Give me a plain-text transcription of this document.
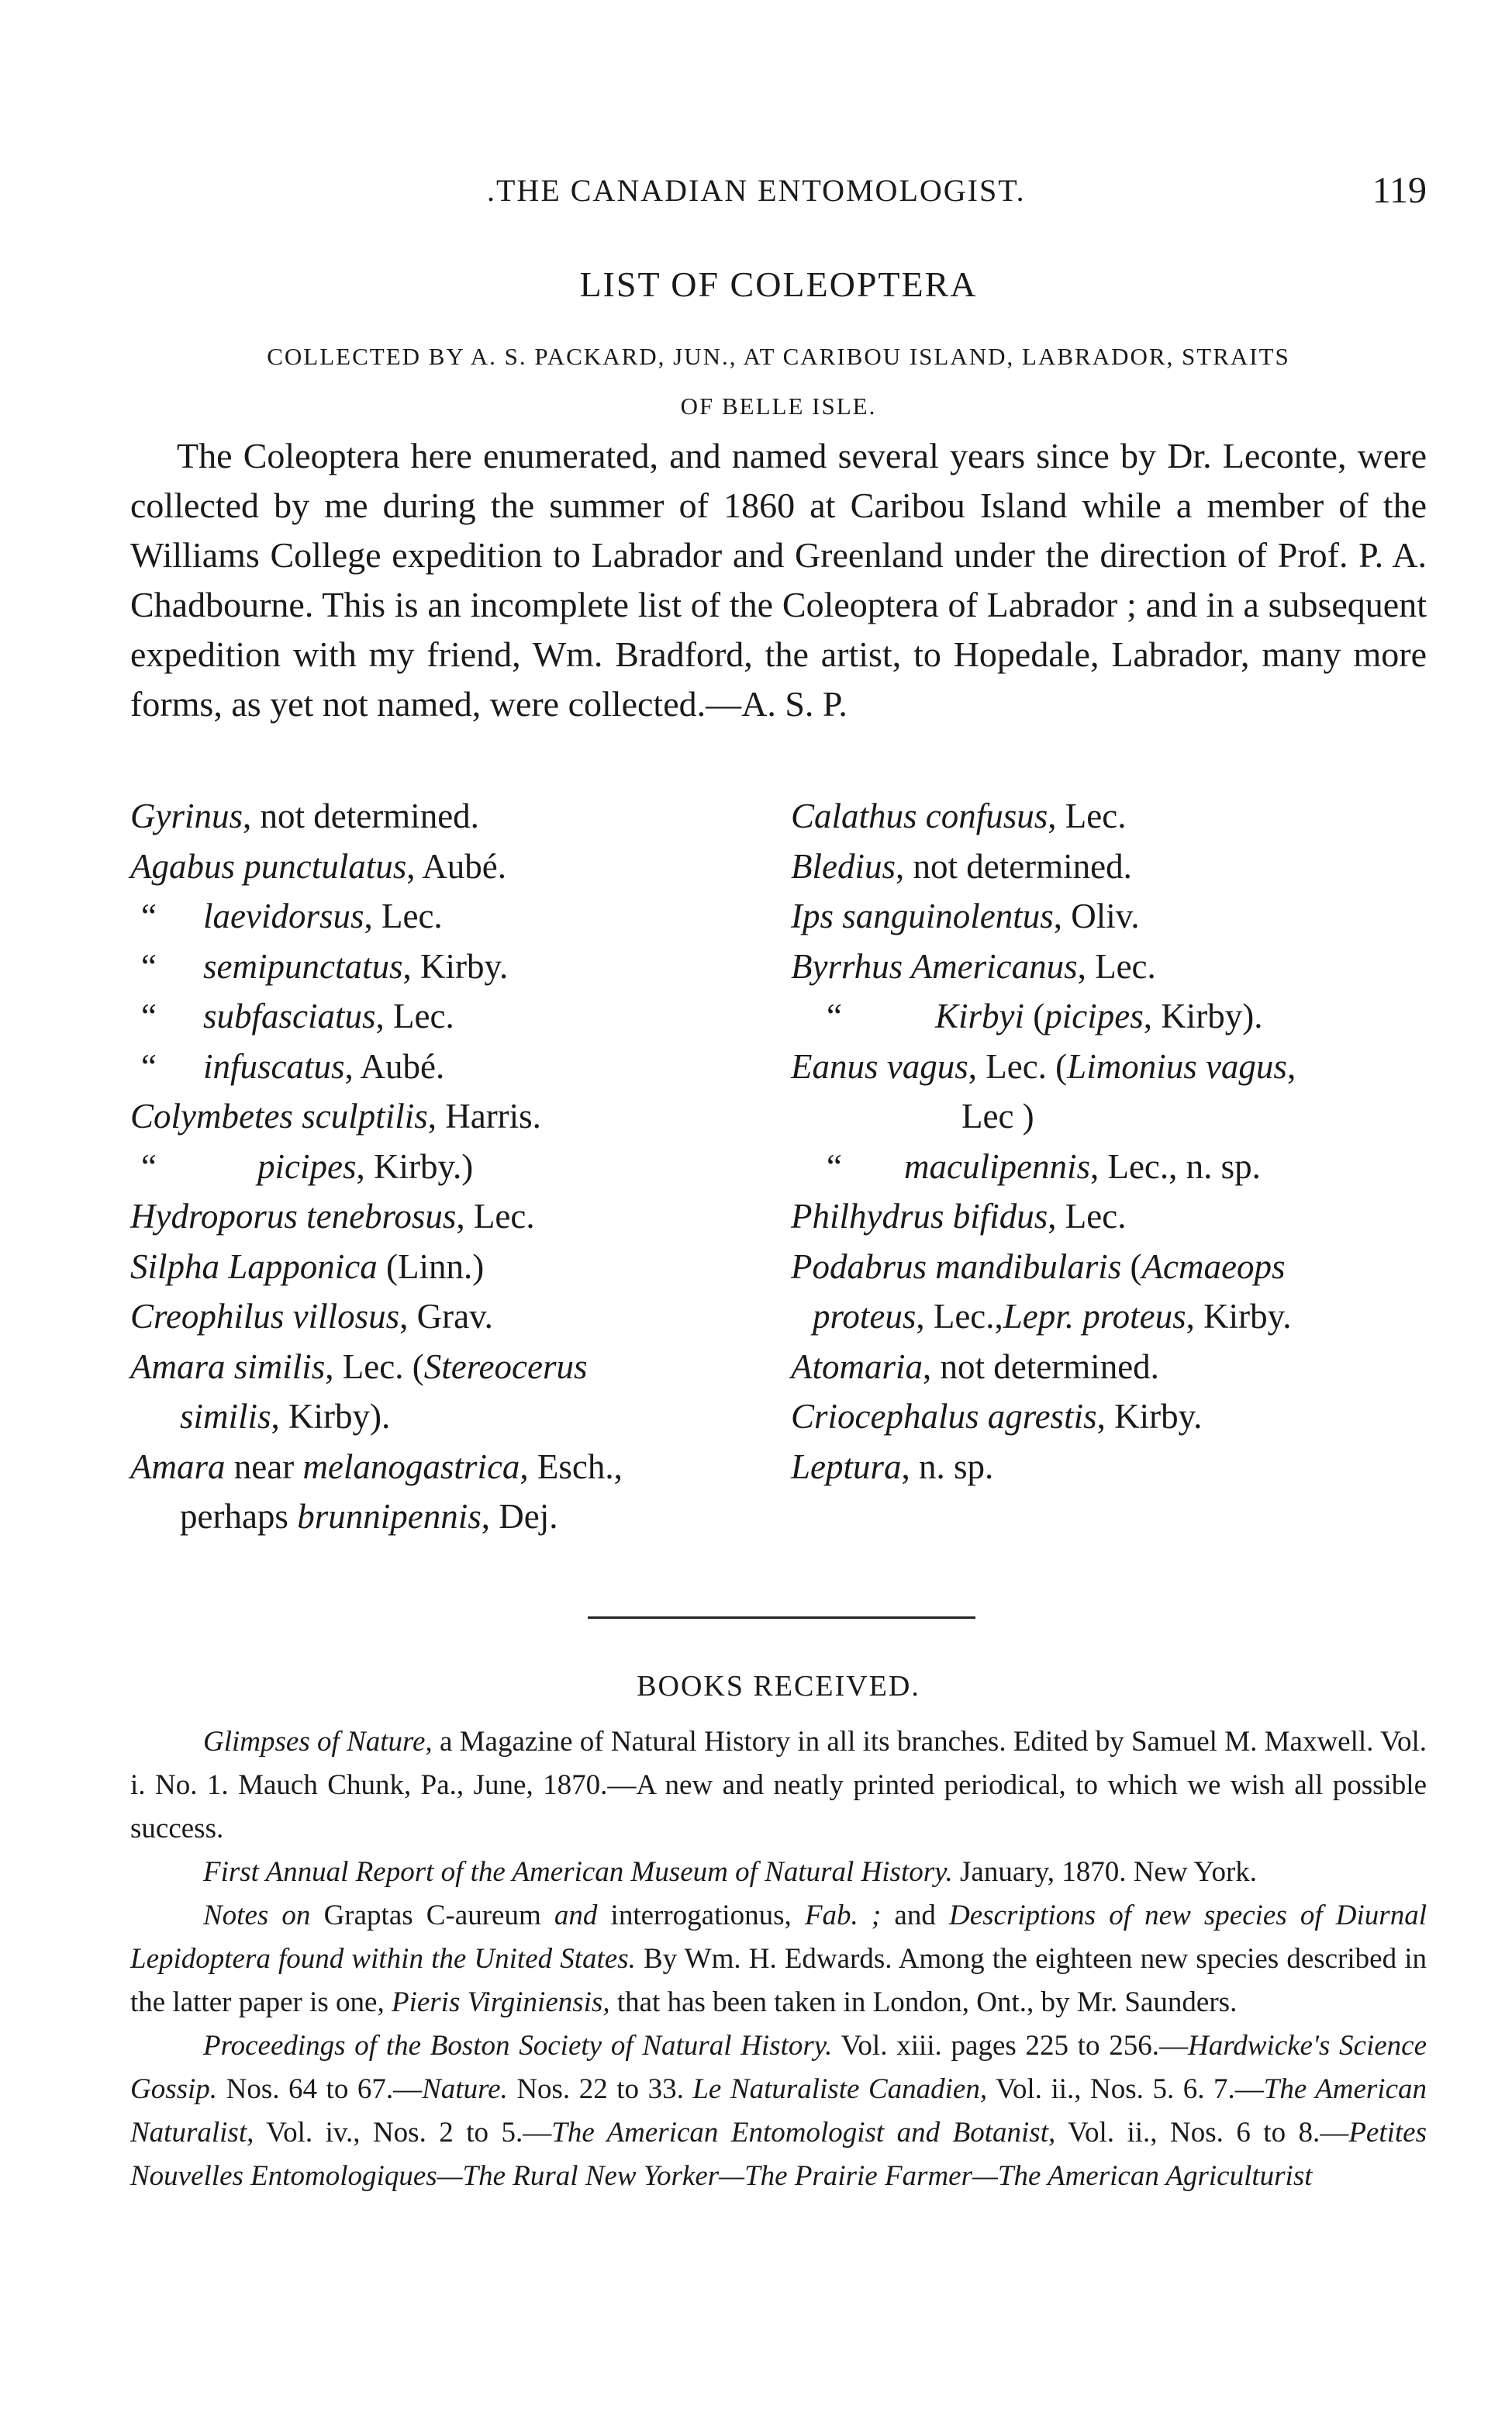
.THE CANADIAN ENTOMOLOGIST.	119
LIST OF COLEOPTERA
COLLECTED BY A. S. PACKARD, JUN., AT CARIBOU ISLAND, LABRADOR, STRAITS
OF BELLE ISLE.

The Coleoptera here enumerated, and named several years since by Dr. Leconte, were collected by me during the summer of 1860 at Caribou Island while a member of the Williams College expedition to Labrador and Greenland under the direction of Prof. P. A. Chadbourne. This is an incomplete list of the Coleoptera of Labrador ; and in a subsequent expedition with my friend, Wm. Bradford, the artist, to Hopedale, Labrador, many more forms, as yet not named, were collected.—A. S. P.

Gyrinus, not determined.
Agabus punctulatus, Aubé.
“ laevidorsus, Lec.
“ semipunctatus, Kirby.
“ subfasciatus, Lec.
“ infuscatus, Aubé.
Colymbetes sculptilis, Harris.
“	picipes, Kirby.)
Hydroporus tenebrosus, Lec.
Silpha Lapponica (Linn.)
Creophilus villosus, Grav.
Amara similis, Lec. (Stereocerus
similis, Kirby).
Amara near melanogastrica, Esch.,
perhaps brunnipennis, Dej.
Calathus confusus, Lec.
Bledius, not determined.
Ips sanguinolentus, Oliv.
Byrrhus Americanus, Lec.
“	Kirbyi (picipes, Kirby).
Eanus vagus, Lec. (Limonius vagus,
Lec )
“ maculipennis, Lec., n. sp.
Philhydrus bifidus, Lec.
Podabrus mandibularis (Acmaeops
proteus, Lec.,Lepr. proteus, Kirby.
Atomaria, not determined.
Criocephalus agrestis, Kirby.
Leptura, n. sp.
BOOKS RECEIVED.

Glimpses of Nature, a Magazine of Natural History in all its branches. Edited by Samuel M. Maxwell. Vol. i. No. 1. Mauch Chunk, Pa., June, 1870.—A new and neatly printed periodical, to which we wish all possible success.

First Annual Report of the American Museum of Natural History. January, 1870. New York.

Notes on Graptas C-aureum and interrogationus, Fab. ; and Descriptions of new species of Diurnal Lepidoptera found within the United States. By Wm. H. Edwards. Among the eighteen new species described in the latter paper is one, Pieris Virginiensis, that has been taken in London, Ont., by Mr. Saunders.

Proceedings of the Boston Society of Natural History. Vol. xiii. pages 225 to 256.—Hardwicke's Science Gossip. Nos. 64 to 67.—Nature. Nos. 22 to 33. Le Naturaliste Canadien, Vol. ii., Nos. 5. 6. 7.—The American Naturalist, Vol. iv., Nos. 2 to 5.—The American Entomologist and Botanist, Vol. ii., Nos. 6 to 8.—Petites Nouvelles Entomologiques—The Rural New Yorker—The Prairie Farmer—The American Agriculturist
